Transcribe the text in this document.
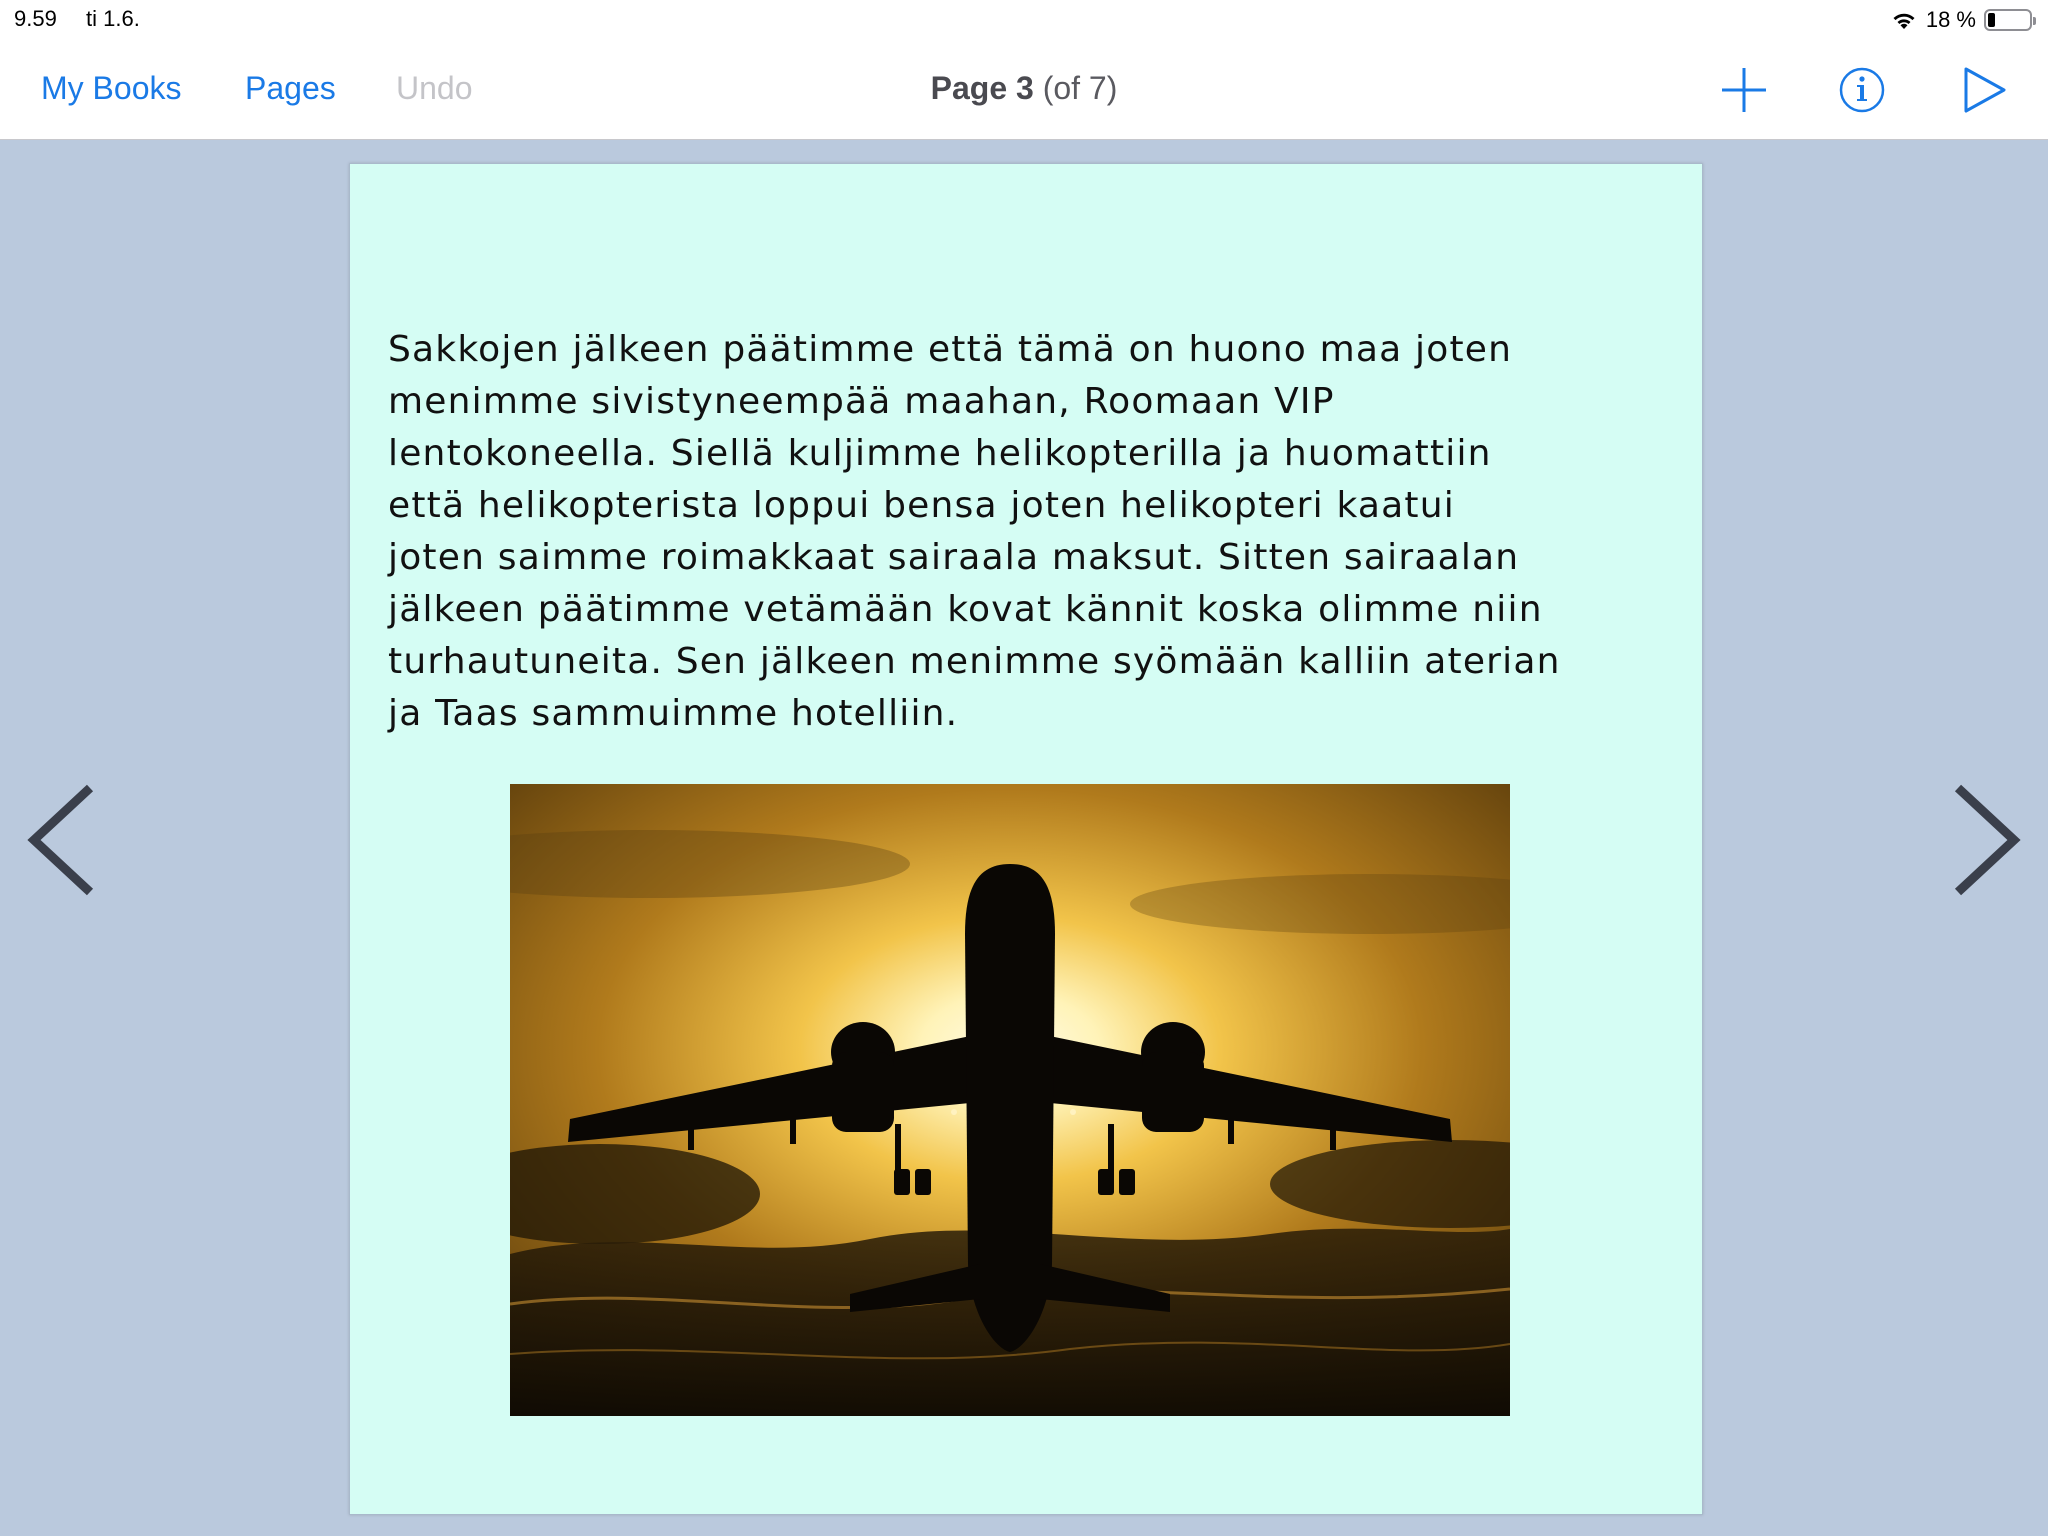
9.59 ti 1.6.	18 %
My Books Pages Undo	Page 3 (of 7)

Sakkojen jälkeen päätimme että tämä on huono maa joten
menimme sivistyneempää maahan, Roomaan VIP
lentokoneella. Siellä kuljimme helikopterilla ja huomattiin
että helikopterista loppui bensa joten helikopteri kaatui
joten saimme roimakkaat sairaala maksut. Sitten sairaalan
jälkeen päätimme vetämään kovat kännit koska olimme niin
turhautuneita. Sen jälkeen menimme syömään kalliin aterian
ja Taas sammuimme hotelliin.
